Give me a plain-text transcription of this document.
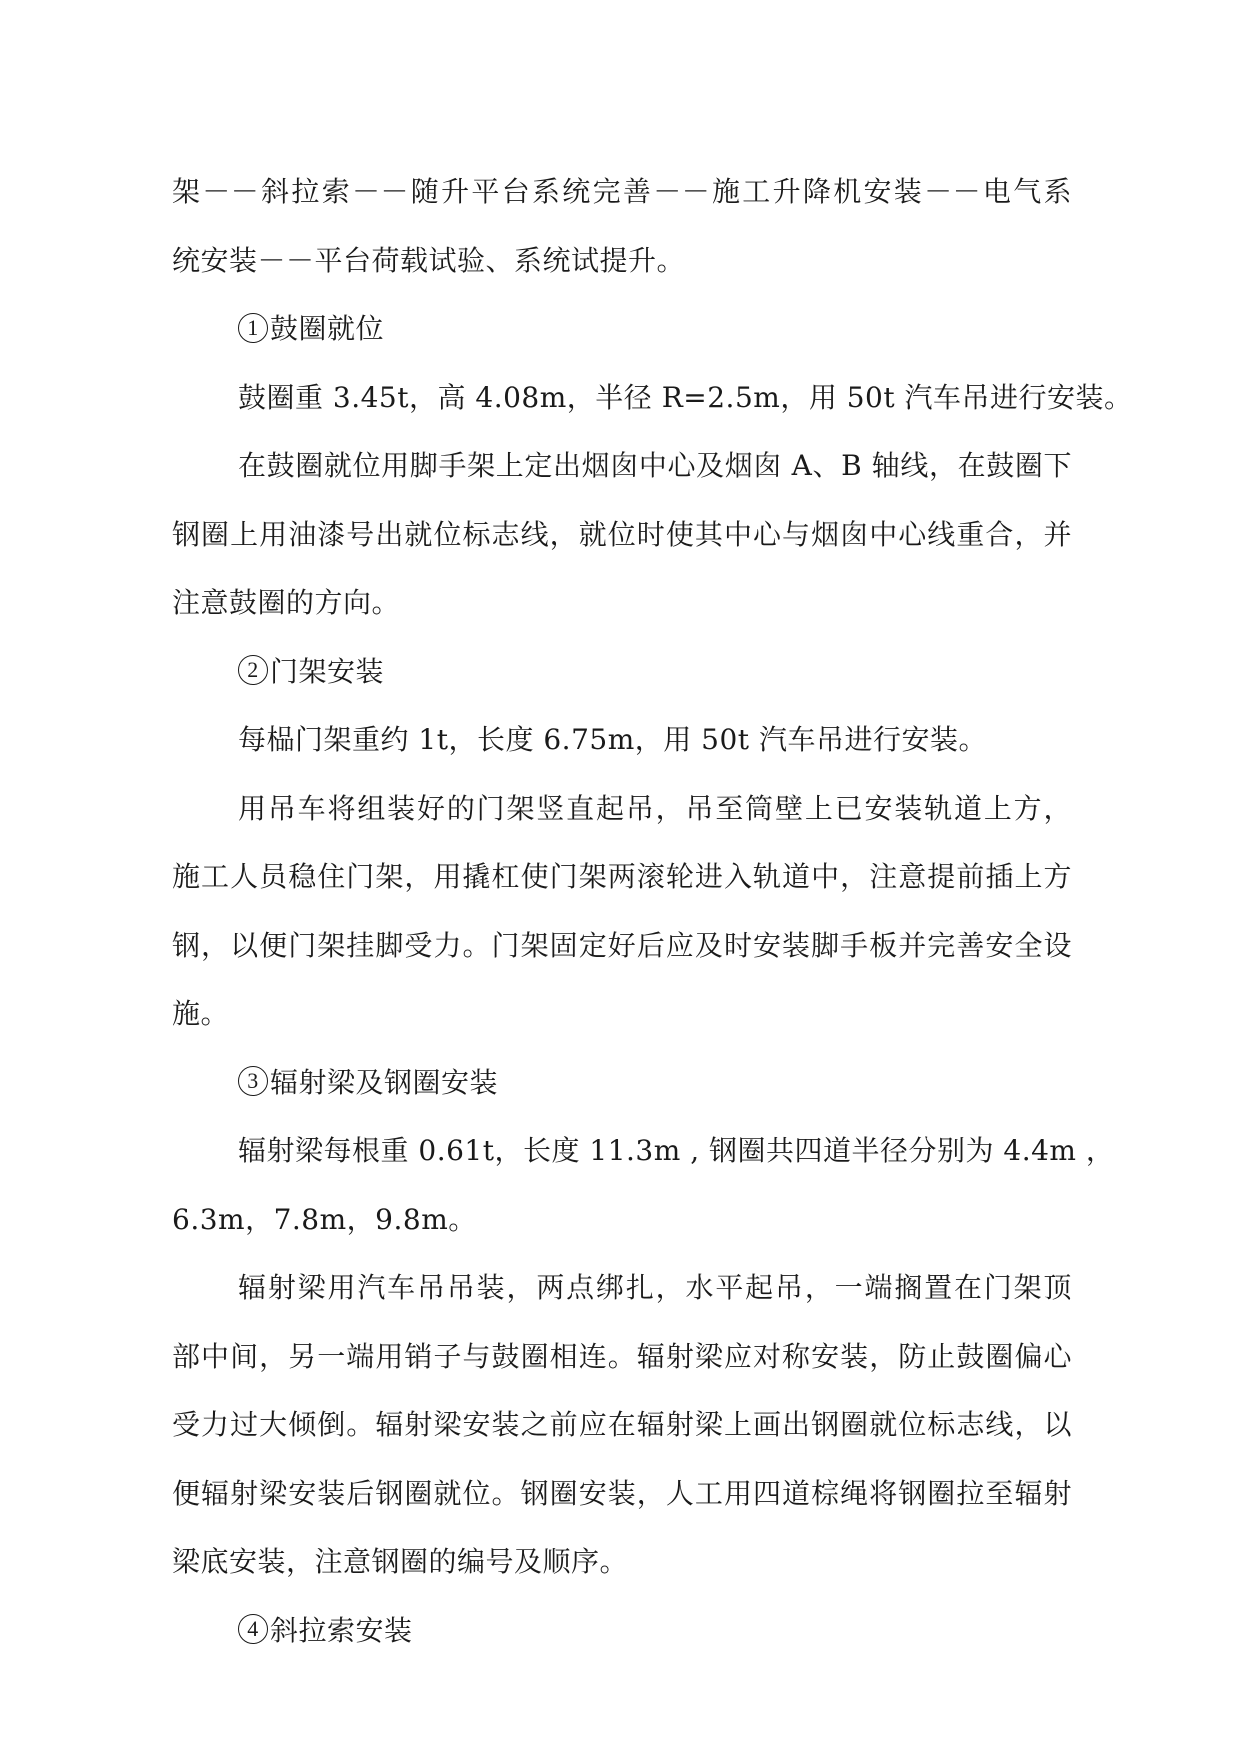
架－－斜拉索－－随升平台系统完善－－施工升降机安装－－电气系
统安装－－平台荷载试验、系统试提升。
1 鼓圈就位
鼓圈重 3.45t，高 4.08m，半径 R=2.5m，用 50t 汽车吊进行安装。
在鼓圈就位用脚手架上定出烟囱中心及烟囱 A、B 轴线，在鼓圈下
钢圈上用油漆号出就位标志线，就位时使其中心与烟囱中心线重合，并
注意鼓圈的方向。
2 门架安装
每榀门架重约 1t，长度 6.75m，用 50t 汽车吊进行安装。
用吊车将组装好的门架竖直起吊，吊至筒壁上已安装轨道上方，
施工人员稳住门架，用撬杠使门架两滚轮进入轨道中，注意提前插上方
钢，以便门架挂脚受力。门架固定好后应及时安装脚手板并完善安全设
施。
3 辐射梁及钢圈安装
辐射梁每根重 0.61t，长度 11.3m , 钢圈共四道半径分别为 4.4m ，
6.3m，7.8m，9.8m。
辐射梁用汽车吊吊装，两点绑扎，水平起吊，一端搁置在门架顶
部中间，另一端用销子与鼓圈相连。辐射梁应对称安装，防止鼓圈偏心
受力过大倾倒。辐射梁安装之前应在辐射梁上画出钢圈就位标志线，以
便辐射梁安装后钢圈就位。钢圈安装，人工用四道棕绳将钢圈拉至辐射
梁底安装，注意钢圈的编号及顺序。
4 斜拉索安装
